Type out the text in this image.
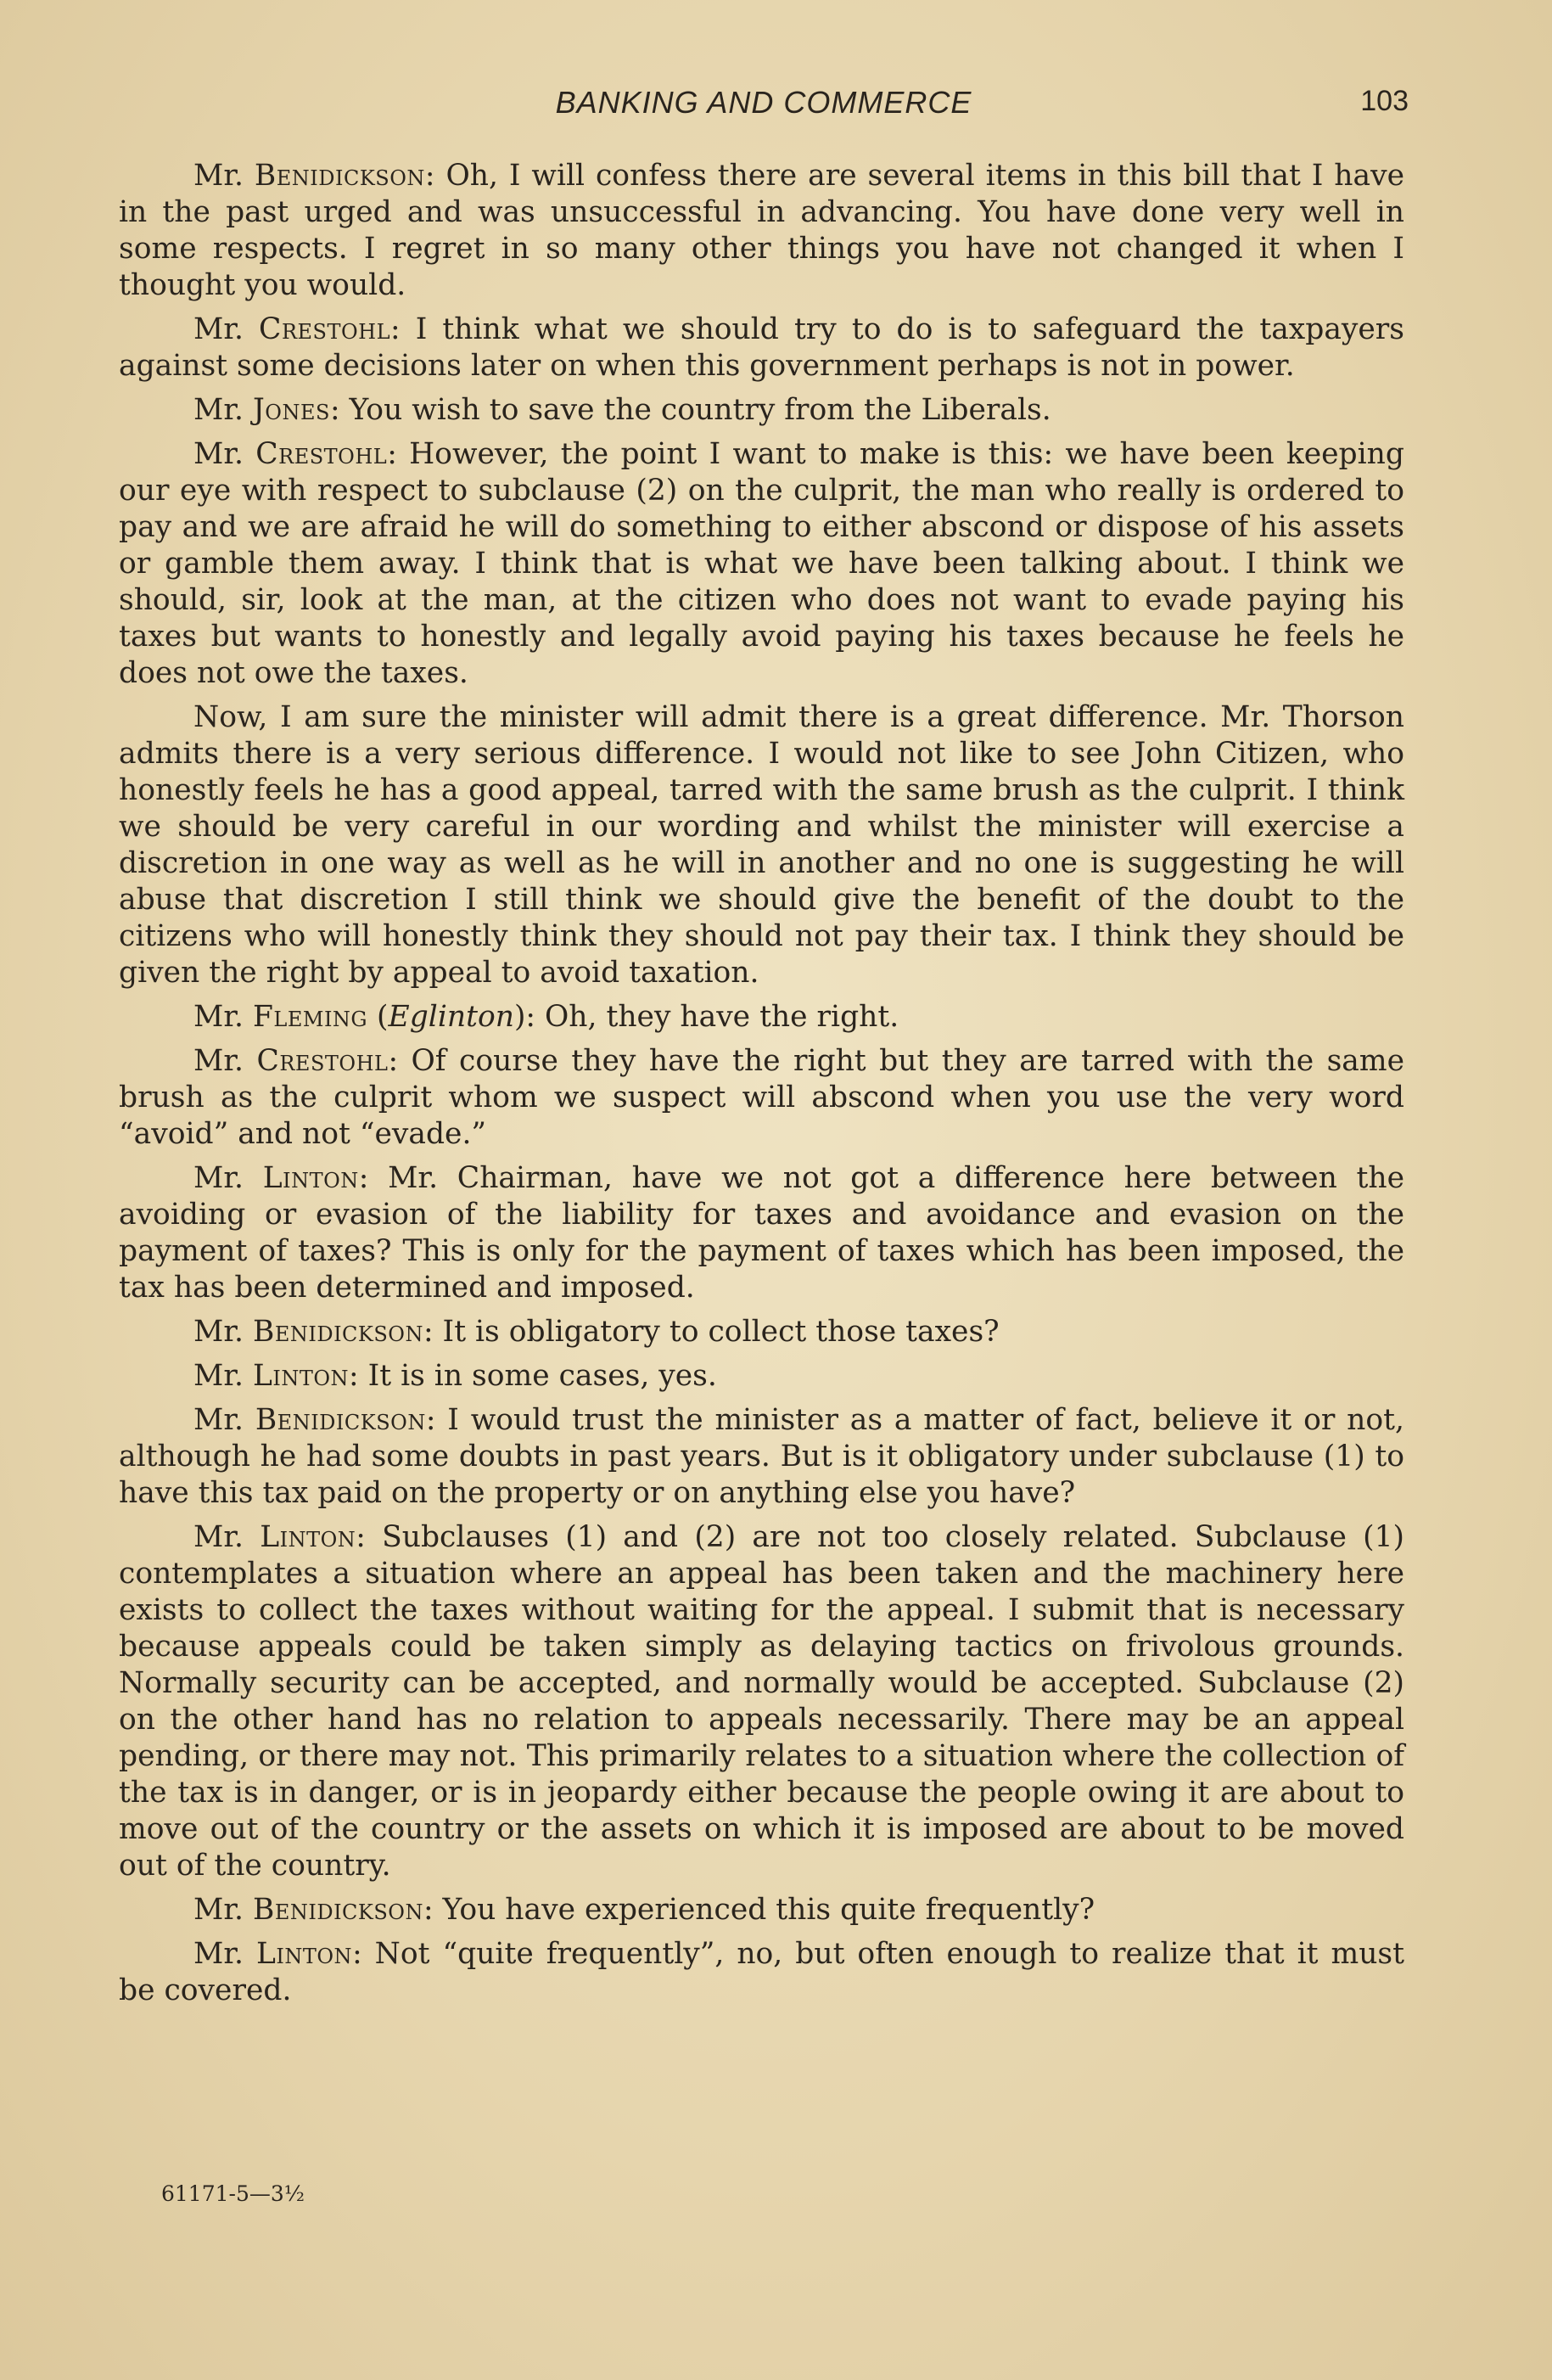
BANKING AND COMMERCE	103

Mr. Benidickson: Oh, I will confess there are several items in this bill that I have in the past urged and was unsuccessful in advancing. You have done very well in some respects. I regret in so many other things you have not changed it when I thought you would.

Mr. Crestohl: I think what we should try to do is to safeguard the taxpayers against some decisions later on when this government perhaps is not in power.

Mr. Jones: You wish to save the country from the Liberals.

Mr. Crestohl: However, the point I want to make is this: we have been keeping our eye with respect to subclause (2) on the culprit, the man who really is ordered to pay and we are afraid he will do something to either abscond or dispose of his assets or gamble them away. I think that is what we have been talking about. I think we should, sir, look at the man, at the citizen who does not want to evade paying his taxes but wants to honestly and legally avoid paying his taxes because he feels he does not owe the taxes.

Now, I am sure the minister will admit there is a great difference. Mr. Thorson admits there is a very serious difference. I would not like to see John Citizen, who honestly feels he has a good appeal, tarred with the same brush as the culprit. I think we should be very careful in our wording and whilst the minister will exercise a discretion in one way as well as he will in another and no one is suggesting he will abuse that discretion I still think we should give the benefit of the doubt to the citizens who will honestly think they should not pay their tax. I think they should be given the right by appeal to avoid taxation.

Mr. Fleming (Eglinton): Oh, they have the right.

Mr. Crestohl: Of course they have the right but they are tarred with the same brush as the culprit whom we suspect will abscond when you use the very word “avoid” and not “evade.”

Mr. Linton: Mr. Chairman, have we not got a difference here between the avoiding or evasion of the liability for taxes and avoidance and evasion on the payment of taxes? This is only for the payment of taxes which has been imposed, the tax has been determined and imposed.

Mr. Benidickson: It is obligatory to collect those taxes?

Mr. Linton: It is in some cases, yes.

Mr. Benidickson: I would trust the minister as a matter of fact, believe it or not, although he had some doubts in past years. But is it obligatory under subclause (1) to have this tax paid on the property or on anything else you have?

Mr. Linton: Subclauses (1) and (2) are not too closely related. Subclause (1) contemplates a situation where an appeal has been taken and the machinery here exists to collect the taxes without waiting for the appeal. I submit that is necessary because appeals could be taken simply as delaying tactics on frivolous grounds. Normally security can be accepted, and normally would be accepted. Subclause (2) on the other hand has no relation to appeals necessarily. There may be an appeal pending, or there may not. This primarily relates to a situation where the collection of the tax is in danger, or is in jeopardy either because the people owing it are about to move out of the country or the assets on which it is imposed are about to be moved out of the country.

Mr. Benidickson: You have experienced this quite frequently?

Mr. Linton: Not “quite frequently”, no, but often enough to realize that it must be covered.

61171-5—3½
